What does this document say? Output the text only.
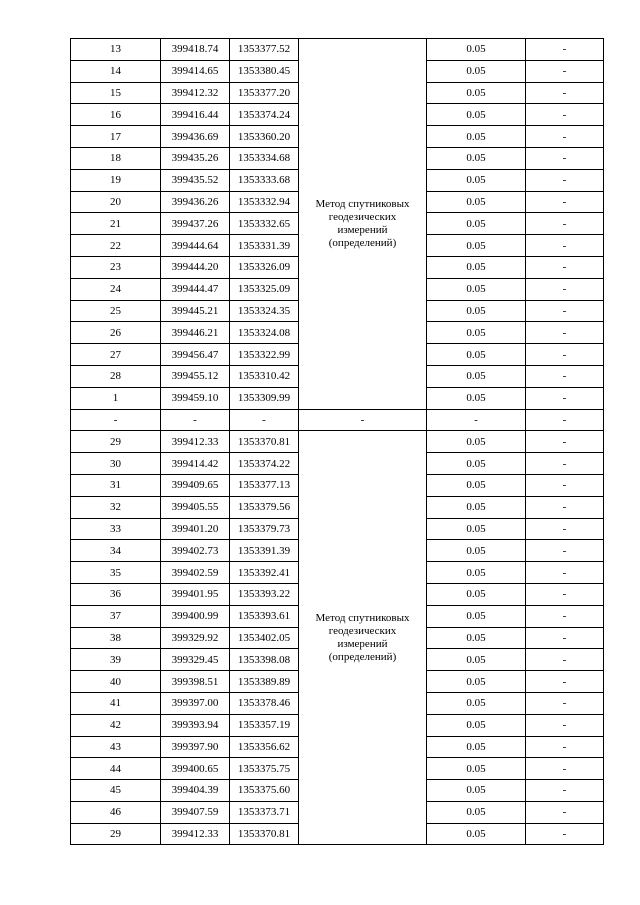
13	399418.74	1353377.52	Метод спутниковых геодезических измерений (определений)	0.05	-
14	399414.65	1353380.45		0.05	-
15	399412.32	1353377.20		0.05	-
16	399416.44	1353374.24		0.05	-
17	399436.69	1353360.20		0.05	-
18	399435.26	1353334.68		0.05	-
19	399435.52	1353333.68		0.05	-
20	399436.26	1353332.94		0.05	-
21	399437.26	1353332.65		0.05	-
22	399444.64	1353331.39		0.05	-
23	399444.20	1353326.09		0.05	-
24	399444.47	1353325.09		0.05	-
25	399445.21	1353324.35		0.05	-
26	399446.21	1353324.08		0.05	-
27	399456.47	1353322.99		0.05	-
28	399455.12	1353310.42		0.05	-
1	399459.10	1353309.99		0.05	-
-	-	-	-	-	-
29	399412.33	1353370.81	Метод спутниковых геодезических измерений (определений)	0.05	-
30	399414.42	1353374.22		0.05	-
31	399409.65	1353377.13		0.05	-
32	399405.55	1353379.56		0.05	-
33	399401.20	1353379.73		0.05	-
34	399402.73	1353391.39		0.05	-
35	399402.59	1353392.41		0.05	-
36	399401.95	1353393.22		0.05	-
37	399400.99	1353393.61		0.05	-
38	399329.92	1353402.05		0.05	-
39	399329.45	1353398.08		0.05	-
40	399398.51	1353389.89		0.05	-
41	399397.00	1353378.46		0.05	-
42	399393.94	1353357.19		0.05	-
43	399397.90	1353356.62		0.05	-
44	399400.65	1353375.75		0.05	-
45	399404.39	1353375.60		0.05	-
46	399407.59	1353373.71		0.05	-
29	399412.33	1353370.81		0.05	-
